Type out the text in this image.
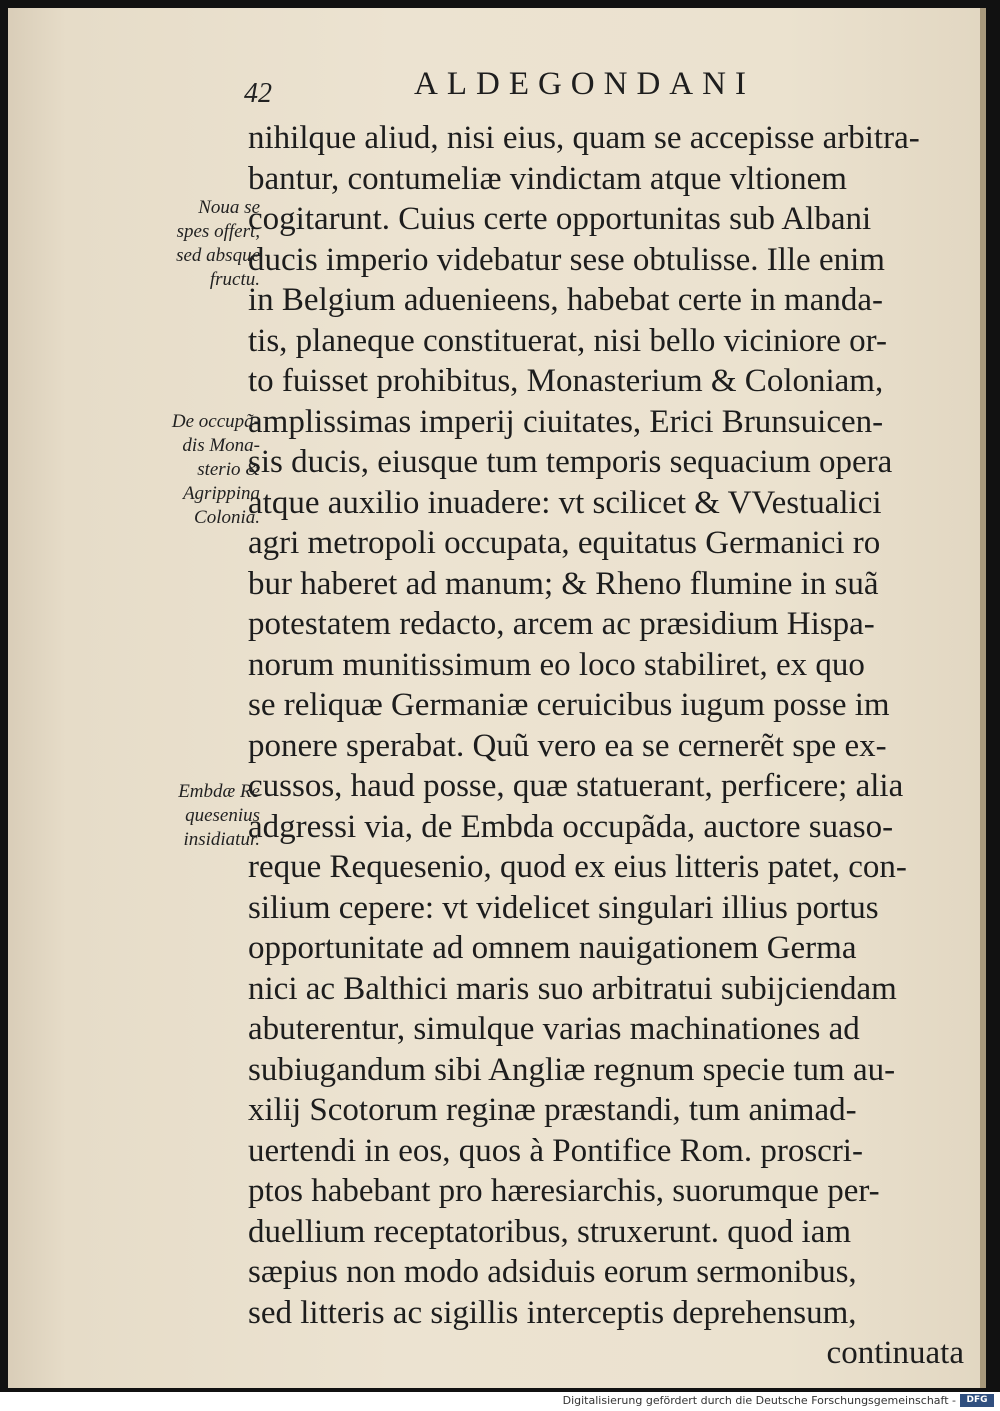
42	ALDEGONDANI
nihilque aliud, nisi eius, quam se accepisse arbitra-
bantur, contumeliæ vindictam atque vltionem
cogitarunt. Cuius certe opportunitas sub Albani
ducis imperio videbatur sese obtulisse. Ille enim
in Belgium aduenieens, habebat certe in manda-
tis, planeque constituerat, nisi bello viciniore or-
to fuisset prohibitus, Monasterium & Coloniam,
amplissimas imperij ciuitates, Erici Brunsuicen-
sis ducis, eiusque tum temporis sequacium opera
atque auxilio inuadere: vt scilicet & VVestualici
agri metropoli occupata, equitatus Germanici ro
bur haberet ad manum; & Rheno flumine in suã
potestatem redacto, arcem ac præsidium Hispa-
norum munitissimum eo loco stabiliret, ex quo
se reliquæ Germaniæ ceruicibus iugum posse im
ponere sperabat. Quũ vero ea se cernerẽt spe ex-
cussos, haud posse, quæ statuerant, perficere; alia
adgressi via, de Embda occupãda, auctore suaso-
reque Requesenio, quod ex eius litteris patet, con-
silium cepere: vt videlicet singulari illius portus
opportunitate ad omnem nauigationem Germa
nici ac Balthici maris suo arbitratui subijciendam
abuterentur, simulque varias machinationes ad
subiugandum sibi Angliæ regnum specie tum au-
xilij Scotorum reginæ præstandi, tum animad-
uertendi in eos, quos à Pontifice Rom. proscri-
ptos habebant pro hæresiarchis, suorumque per-
duellium receptatoribus, struxerunt. quod iam
sæpius non modo adsiduis eorum sermonibus,
sed litteris ac sigillis interceptis deprehensum,
continuata
Noua se
spes offert,
sed absque
fructu.
De occupã-
dis Mona-
sterio &
Agrippina
Colonia.
Embdæ Re
quesenius
insidiatur.
Digitalisierung gefördert durch die Deutsche Forschungsgemeinschaft -	DFG
